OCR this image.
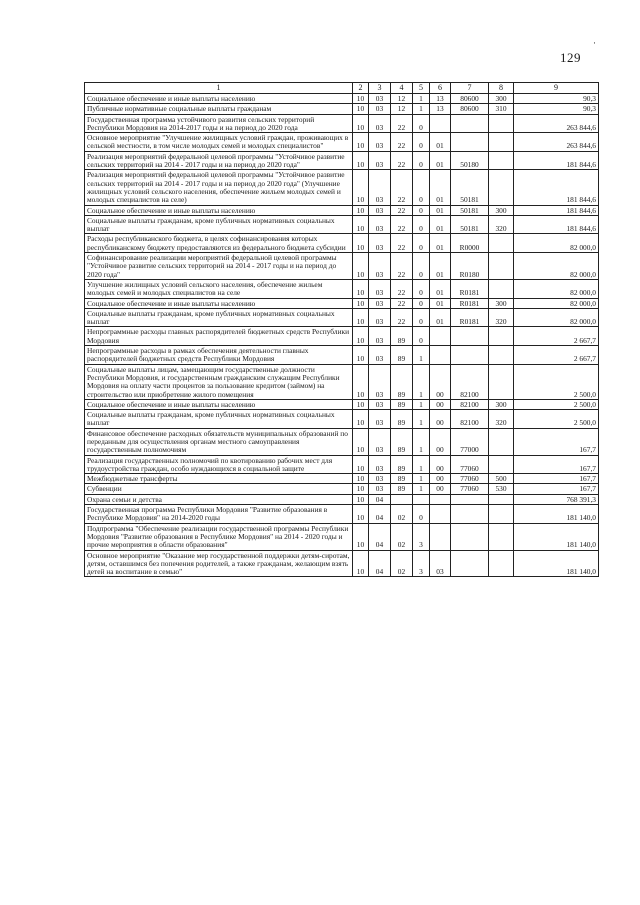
129
·
1	2	3	4	5	6	7	8	9
Социальное обеспечение и иные выплаты населению	10	03	12	1	13	80600	300	90,3
Публичные нормативные социальные выплаты гражданам	10	03	12	1	13	80600	310	90,3
Государственная программа устойчивого развития сельских территорий Республики Мордовия на 2014-2017 годы и на период до 2020 года	10	03	22	0				263 844,6
Основное мероприятие "Улучшение жилищных условий граждан, проживающих в сельской местности, в том числе молодых семей и молодых специалистов"	10	03	22	0	01			263 844,6
Реализация мероприятий федеральной целевой программы "Устойчивое развитие сельских территорий на 2014 - 2017 годы и на период до 2020 года"	10	03	22	0	01	50180		181 844,6
Реализация мероприятий федеральной целевой программы "Устойчивое развитие сельских территорий на 2014 - 2017 годы и на период до 2020 года" (Улучшение жилищных условий сельского населения, обеспечение жильем молодых семей и молодых специалистов на селе)	10	03	22	0	01	50181		181 844,6
Социальное обеспечение и иные выплаты населению	10	03	22	0	01	50181	300	181 844,6
Социальные выплаты гражданам, кроме публичных нормативных социальных выплат	10	03	22	0	01	50181	320	181 844,6
Расходы республиканского бюджета, в целях софинансирования которых республиканскому бюджету предоставляются из федерального бюджета субсидии	10	03	22	0	01	R0000		82 000,0
Софинансирование реализации мероприятий федеральной целевой программы "Устойчивое развитие сельских территорий на 2014 - 2017 годы и на период до 2020 года"	10	03	22	0	01	R0180		82 000,0
Улучшение жилищных условий сельского населения, обеспечение жильем молодых семей и молодых специалистов на селе	10	03	22	0	01	R0181		82 000,0
Социальное обеспечение и иные выплаты населению	10	03	22	0	01	R0181	300	82 000,0
Социальные выплаты гражданам, кроме публичных нормативных социальных выплат	10	03	22	0	01	R0181	320	82 000,0
Непрограммные расходы главных распорядителей бюджетных средств Республики Мордовия	10	03	89	0				2 667,7
Непрограммные расходы в рамках обеспечения деятельности главных распорядителей бюджетных средств Республики Мордовия	10	03	89	1				2 667,7
Социальные выплаты лицам, замещающим государственные должности Республики Мордовия, и государственным гражданским служащим Республики Мордовия на оплату части процентов за пользование кредитом (займом) на строительство или приобретение жилого помещения	10	03	89	1	00	82100		2 500,0
Социальное обеспечение и иные выплаты населению	10	03	89	1	00	82100	300	2 500,0
Социальные выплаты гражданам, кроме публичных нормативных социальных выплат	10	03	89	1	00	82100	320	2 500,0
Финансовое обеспечение расходных обязательств муниципальных образований по переданным для осуществления органам местного самоуправления государственным полномочиям	10	03	89	1	00	77000		167,7
Реализация государственных полномочий по квотированию рабочих мест для трудоустройства граждан, особо нуждающихся в социальной защите	10	03	89	1	00	77060		167,7
Межбюджетные трансферты	10	03	89	1	00	77060	500	167,7
Субвенции	10	03	89	1	00	77060	530	167,7
Охрана семьи и детства	10	04						768 391,3
Государственная программа Республики Мордовия "Развитие образования в Республике Мордовия" на 2014-2020 годы	10	04	02	0				181 140,0
Подпрограмма "Обеспечение реализации государственной программы Республики Мордовия "Развитие образования в Республике Мордовия" на 2014 - 2020 годы и прочие мероприятия в области образования"	10	04	02	3				181 140,0
Основное мероприятие "Оказание мер государственной поддержки детям-сиротам, детям, оставшимся без попечения родителей, а также гражданам, желающим взять детей на воспитание в семью"	10	04	02	3	03			181 140,0
